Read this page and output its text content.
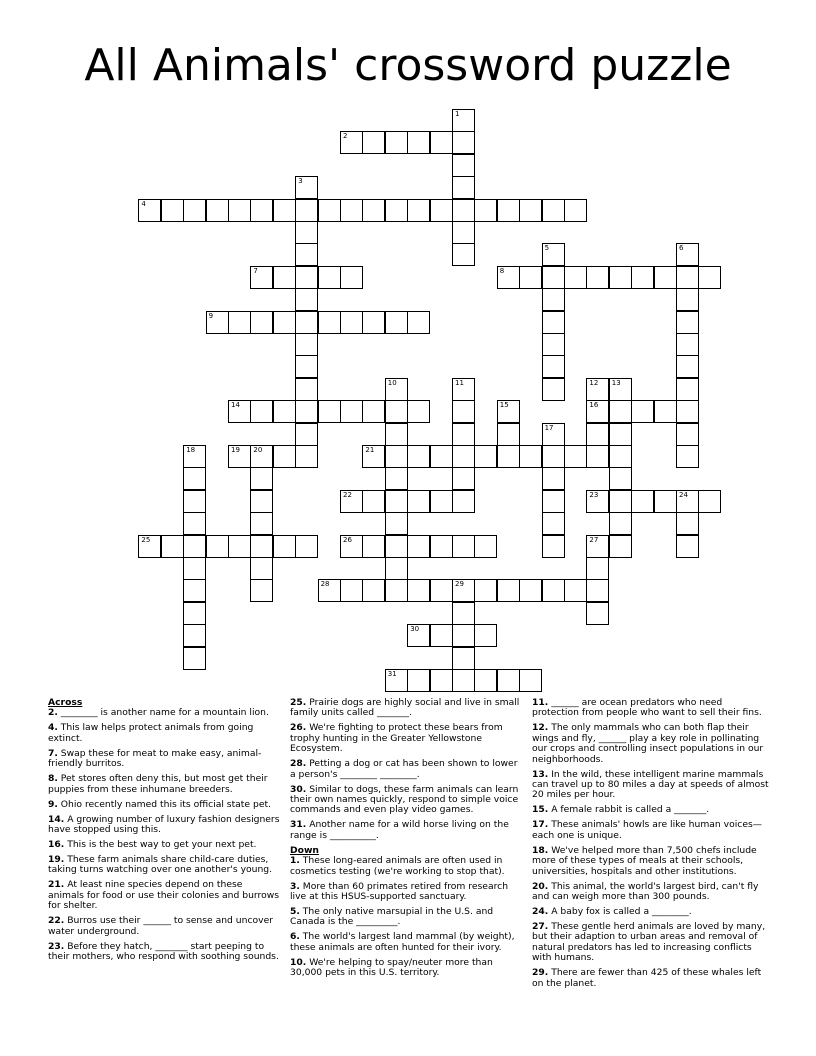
All Animals' crossword puzzle
2
4
7	8
9
14	16
19 20	21
22	23	24
25	26
28	29
30
31
1
3
5	6
10	11	12 13
15
17
18
27
Across
2. ________ is another name for a mountain lion.
4. This law helps protect animals from going extinct.
7. Swap these for meat to make easy, animal-friendly burritos.
8. Pet stores often deny this, but most get their puppies from these inhumane breeders.
9. Ohio recently named this its official state pet.
14. A growing number of luxury fashion designers have stopped using this.
16. This is the best way to get your next pet.
19. These farm animals share child-care duties, taking turns watching over one another's young.
21. At least nine species depend on these animals for food or use their colonies and burrows for shelter.
22. Burros use their ______ to sense and uncover water underground.
23. Before they hatch, _______ start peeping to their mothers, who respond with soothing sounds.
25. Prairie dogs are highly social and live in small family units called _______.
26. We're fighting to protect these bears from trophy hunting in the Greater Yellowstone Ecosystem.
28. Petting a dog or cat has been shown to lower a person's ________ ________.
30. Similar to dogs, these farm animals can learn their own names quickly, respond to simple voice commands and even play video games.
31. Another name for a wild horse living on the range is __________.
Down
1. These long-eared animals are often used in cosmetics testing (we're working to stop that).
3. More than 60 primates retired from research live at this HSUS-supported sanctuary.
5. The only native marsupial in the U.S. and Canada is the _________.
6. The world's largest land mammal (by weight), these animals are often hunted for their ivory.
10. We're helping to spay/neuter more than 30,000 pets in this U.S. territory.
11. ______ are ocean predators who need protection from people who want to sell their fins.
12. The only mammals who can both flap their wings and fly, ______ play a key role in pollinating our crops and controlling insect populations in our neighborhoods.
13. In the wild, these intelligent marine mammals can travel up to 80 miles a day at speeds of almost 20 miles per hour.
15. A female rabbit is called a _______.
17. These animals' howls are like human voices—each one is unique.
18. We've helped more than 7,500 chefs include more of these types of meals at their schools, universities, hospitals and other institutions.
20. This animal, the world's largest bird, can't fly and can weigh more than 300 pounds.
24. A baby fox is called a ________.
27. These gentle herd animals are loved by many, but their adaption to urban areas and removal of natural predators has led to increasing conflicts with humans.
29. There are fewer than 425 of these whales left on the planet.
